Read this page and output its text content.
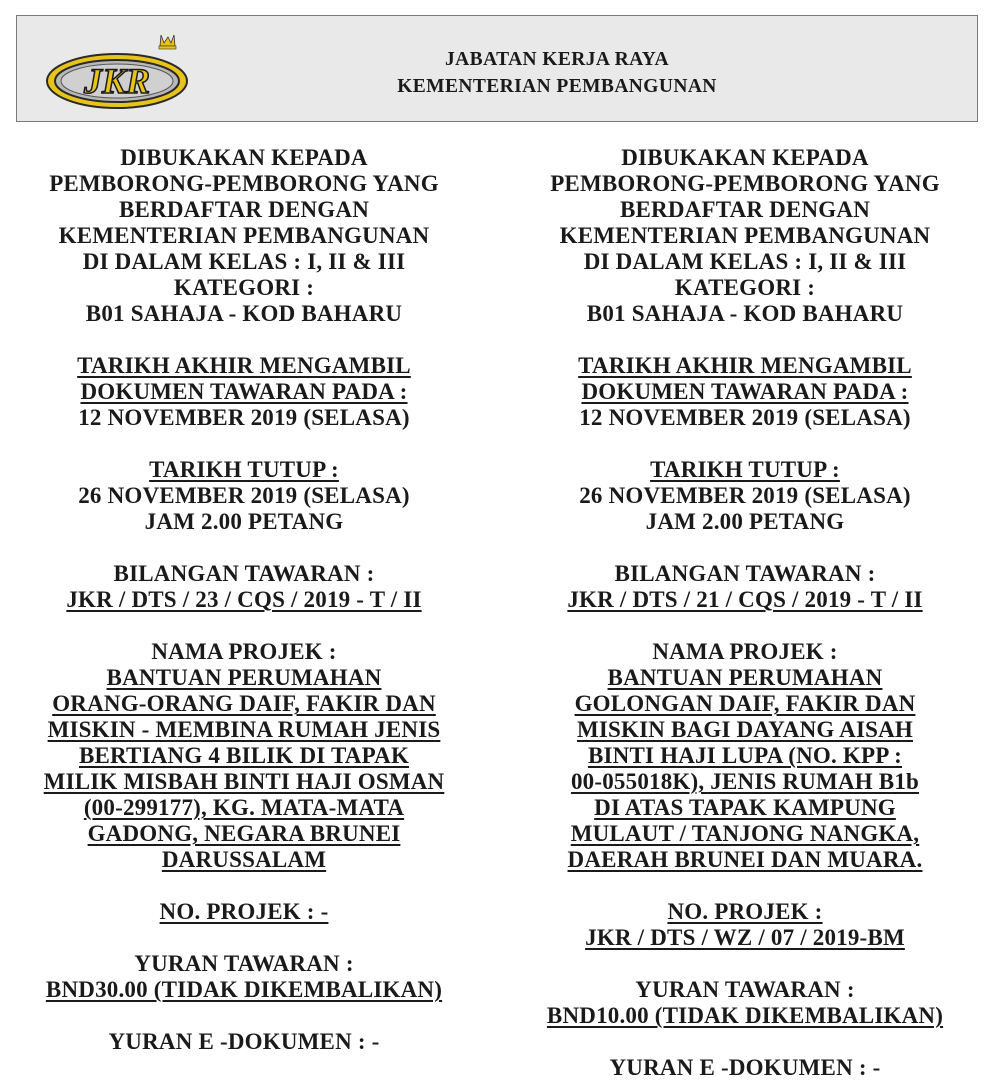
JKR
JABATAN KERJA RAYA
KEMENTERIAN PEMBANGUNAN
DIBUKAKAN KEPADA
PEMBORONG-PEMBORONG YANG
BERDAFTAR DENGAN
KEMENTERIAN PEMBANGUNAN
DI DALAM KELAS : I, II & III
KATEGORI :
B01 SAHAJA - KOD BAHARU
TARIKH AKHIR MENGAMBIL
DOKUMEN TAWARAN PADA :
12 NOVEMBER 2019 (SELASA)
TARIKH TUTUP :
26 NOVEMBER 2019 (SELASA)
JAM 2.00 PETANG
BILANGAN TAWARAN :
JKR / DTS / 23 / CQS / 2019 - T / II
NAMA PROJEK :
BANTUAN PERUMAHAN
ORANG-ORANG DAIF, FAKIR DAN
MISKIN - MEMBINA RUMAH JENIS
BERTIANG 4 BILIK DI TAPAK
MILIK MISBAH BINTI HAJI OSMAN
(00-299177), KG. MATA-MATA
GADONG, NEGARA BRUNEI
DARUSSALAM
NO. PROJEK : -
YURAN TAWARAN :
BND30.00 (TIDAK DIKEMBALIKAN)
YURAN E -DOKUMEN : -
DIBUKAKAN KEPADA
PEMBORONG-PEMBORONG YANG
BERDAFTAR DENGAN
KEMENTERIAN PEMBANGUNAN
DI DALAM KELAS : I, II & III
KATEGORI :
B01 SAHAJA - KOD BAHARU
TARIKH AKHIR MENGAMBIL
DOKUMEN TAWARAN PADA :
12 NOVEMBER 2019 (SELASA)
TARIKH TUTUP :
26 NOVEMBER 2019 (SELASA)
JAM 2.00 PETANG
BILANGAN TAWARAN :
JKR / DTS / 21 / CQS / 2019 - T / II
NAMA PROJEK :
BANTUAN PERUMAHAN
GOLONGAN DAIF, FAKIR DAN
MISKIN BAGI DAYANG AISAH
BINTI HAJI LUPA (NO. KPP :
00-055018K), JENIS RUMAH B1b
DI ATAS TAPAK KAMPUNG
MULAUT / TANJONG NANGKA,
DAERAH BRUNEI DAN MUARA.
NO. PROJEK :
JKR / DTS / WZ / 07 / 2019-BM
YURAN TAWARAN :
BND10.00 (TIDAK DIKEMBALIKAN)
YURAN E -DOKUMEN : -
